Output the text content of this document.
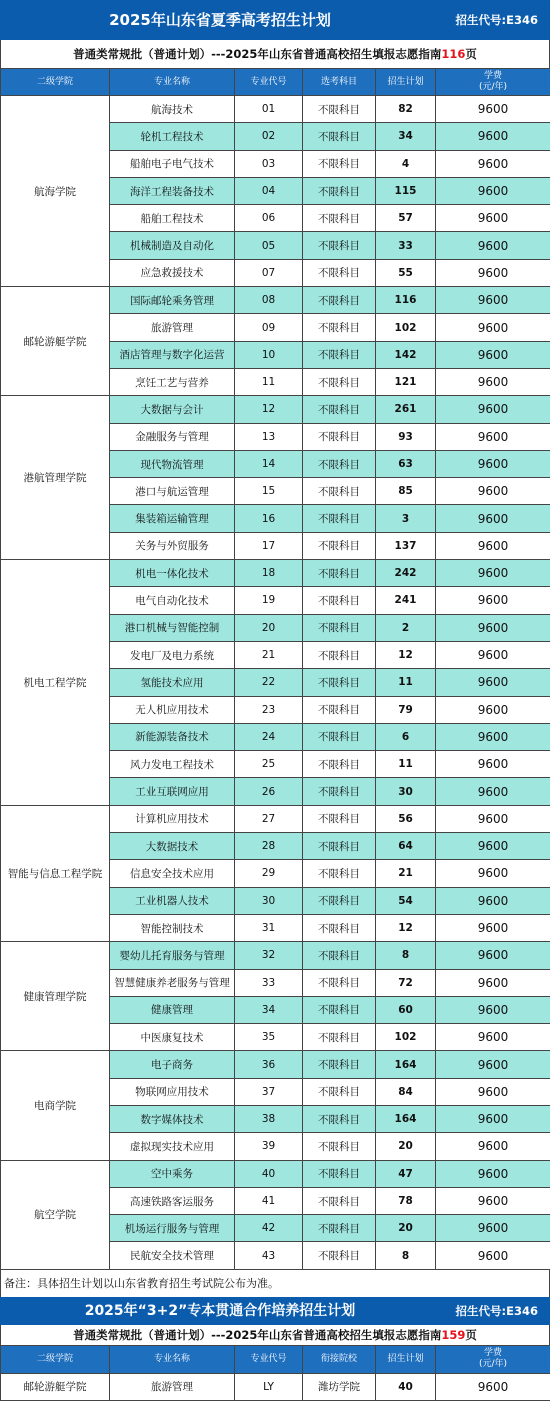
2025年山东省夏季高考招生计划	招生代号:E346
普通类常规批（普通计划）---2025年山东省普通高校招生填报志愿指南116页
二级学院	专业名称	专业代号	选考科目	招生计划	学费
(元/年)
航海学院	航海技术	01	不限科目	82	9600
	轮机工程技术	02	不限科目	34	9600
	船舶电子电气技术	03	不限科目	4	9600
	海洋工程装备技术	04	不限科目	115	9600
	船舶工程技术	06	不限科目	57	9600
	机械制造及自动化	05	不限科目	33	9600
	应急救援技术	07	不限科目	55	9600
邮轮游艇学院	国际邮轮乘务管理	08	不限科目	116	9600
	旅游管理	09	不限科目	102	9600
	酒店管理与数字化运营	10	不限科目	142	9600
	烹饪工艺与营养	11	不限科目	121	9600
港航管理学院	大数据与会计	12	不限科目	261	9600
	金融服务与管理	13	不限科目	93	9600
	现代物流管理	14	不限科目	63	9600
	港口与航运管理	15	不限科目	85	9600
	集装箱运输管理	16	不限科目	3	9600
	关务与外贸服务	17	不限科目	137	9600
机电工程学院	机电一体化技术	18	不限科目	242	9600
	电气自动化技术	19	不限科目	241	9600
	港口机械与智能控制	20	不限科目	2	9600
	发电厂及电力系统	21	不限科目	12	9600
	氢能技术应用	22	不限科目	11	9600
	无人机应用技术	23	不限科目	79	9600
	新能源装备技术	24	不限科目	6	9600
	风力发电工程技术	25	不限科目	11	9600
	工业互联网应用	26	不限科目	30	9600
智能与信息工程学院	计算机应用技术	27	不限科目	56	9600
	大数据技术	28	不限科目	64	9600
	信息安全技术应用	29	不限科目	21	9600
	工业机器人技术	30	不限科目	54	9600
	智能控制技术	31	不限科目	12	9600
健康管理学院	婴幼儿托育服务与管理	32	不限科目	8	9600
	智慧健康养老服务与管理	33	不限科目	72	9600
	健康管理	34	不限科目	60	9600
	中医康复技术	35	不限科目	102	9600
电商学院	电子商务	36	不限科目	164	9600
	物联网应用技术	37	不限科目	84	9600
	数字媒体技术	38	不限科目	164	9600
	虚拟现实技术应用	39	不限科目	20	9600
航空学院	空中乘务	40	不限科目	47	9600
	高速铁路客运服务	41	不限科目	78	9600
	机场运行服务与管理	42	不限科目	20	9600
	民航安全技术管理	43	不限科目	8	9600
备注：具体招生计划以山东省教育招生考试院公布为准。
2025年“3+2”专本贯通合作培养招生计划	招生代号:E346
普通类常规批（普通计划）---2025年山东省普通高校招生填报志愿指南159页
二级学院	专业名称	专业代号	衔接院校	招生计划	学费
(元/年)
邮轮游艇学院	旅游管理	LY	潍坊学院	40	9600
